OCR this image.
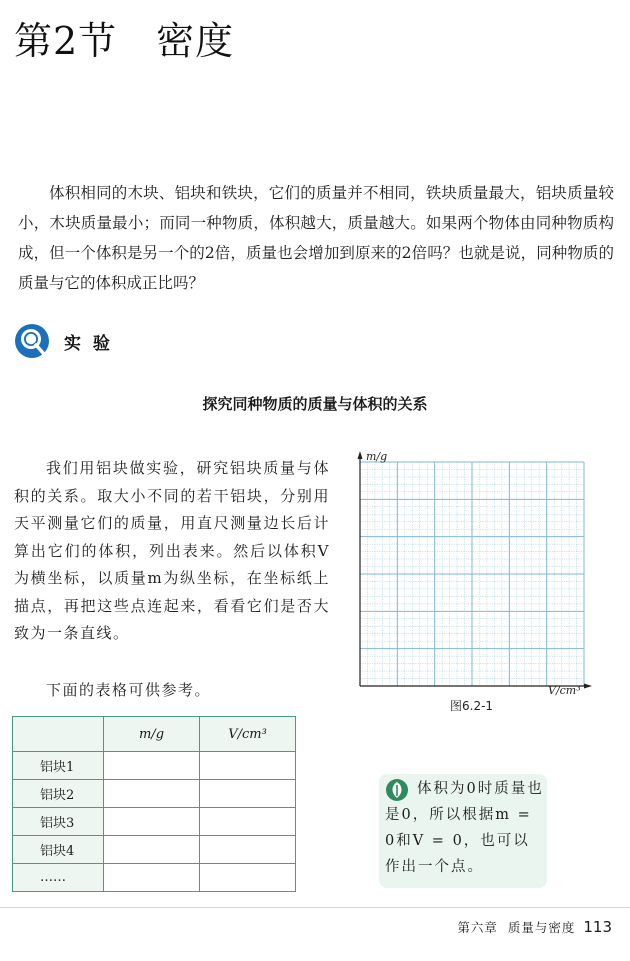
第2节　密度

体积相同的木块、铝块和铁块，它们的质量并不相同，铁块质量最大，铝块质量较小，木块质量最小；而同一种物质，体积越大，质量越大。如果两个物体由同种物质构成，但一个体积是另一个的2倍，质量也会增加到原来的2倍吗？也就是说，同种物质的质量与它的体积成正比吗？

实 验
探究同种物质的质量与体积的关系

我们用铝块做实验，研究铝块质量与体积的关系。取大小不同的若干铝块，分别用天平测量它们的质量，用直尺测量边长后计算出它们的体积，列出表来。然后以体积V为横坐标，以质量m为纵坐标，在坐标纸上描点，再把这些点连起来，看看它们是否大致为一条直线。

下面的表格可供参考。

	m/g	V/cm³
铝块1		
铝块2		
铝块3		
铝块4		
……		
m/g
V/cm³
图6.2-1

体积为0时质量也是0，所以根据m = 0和V = 0，也可以作出一个点。

第六章 质量与密度 113
